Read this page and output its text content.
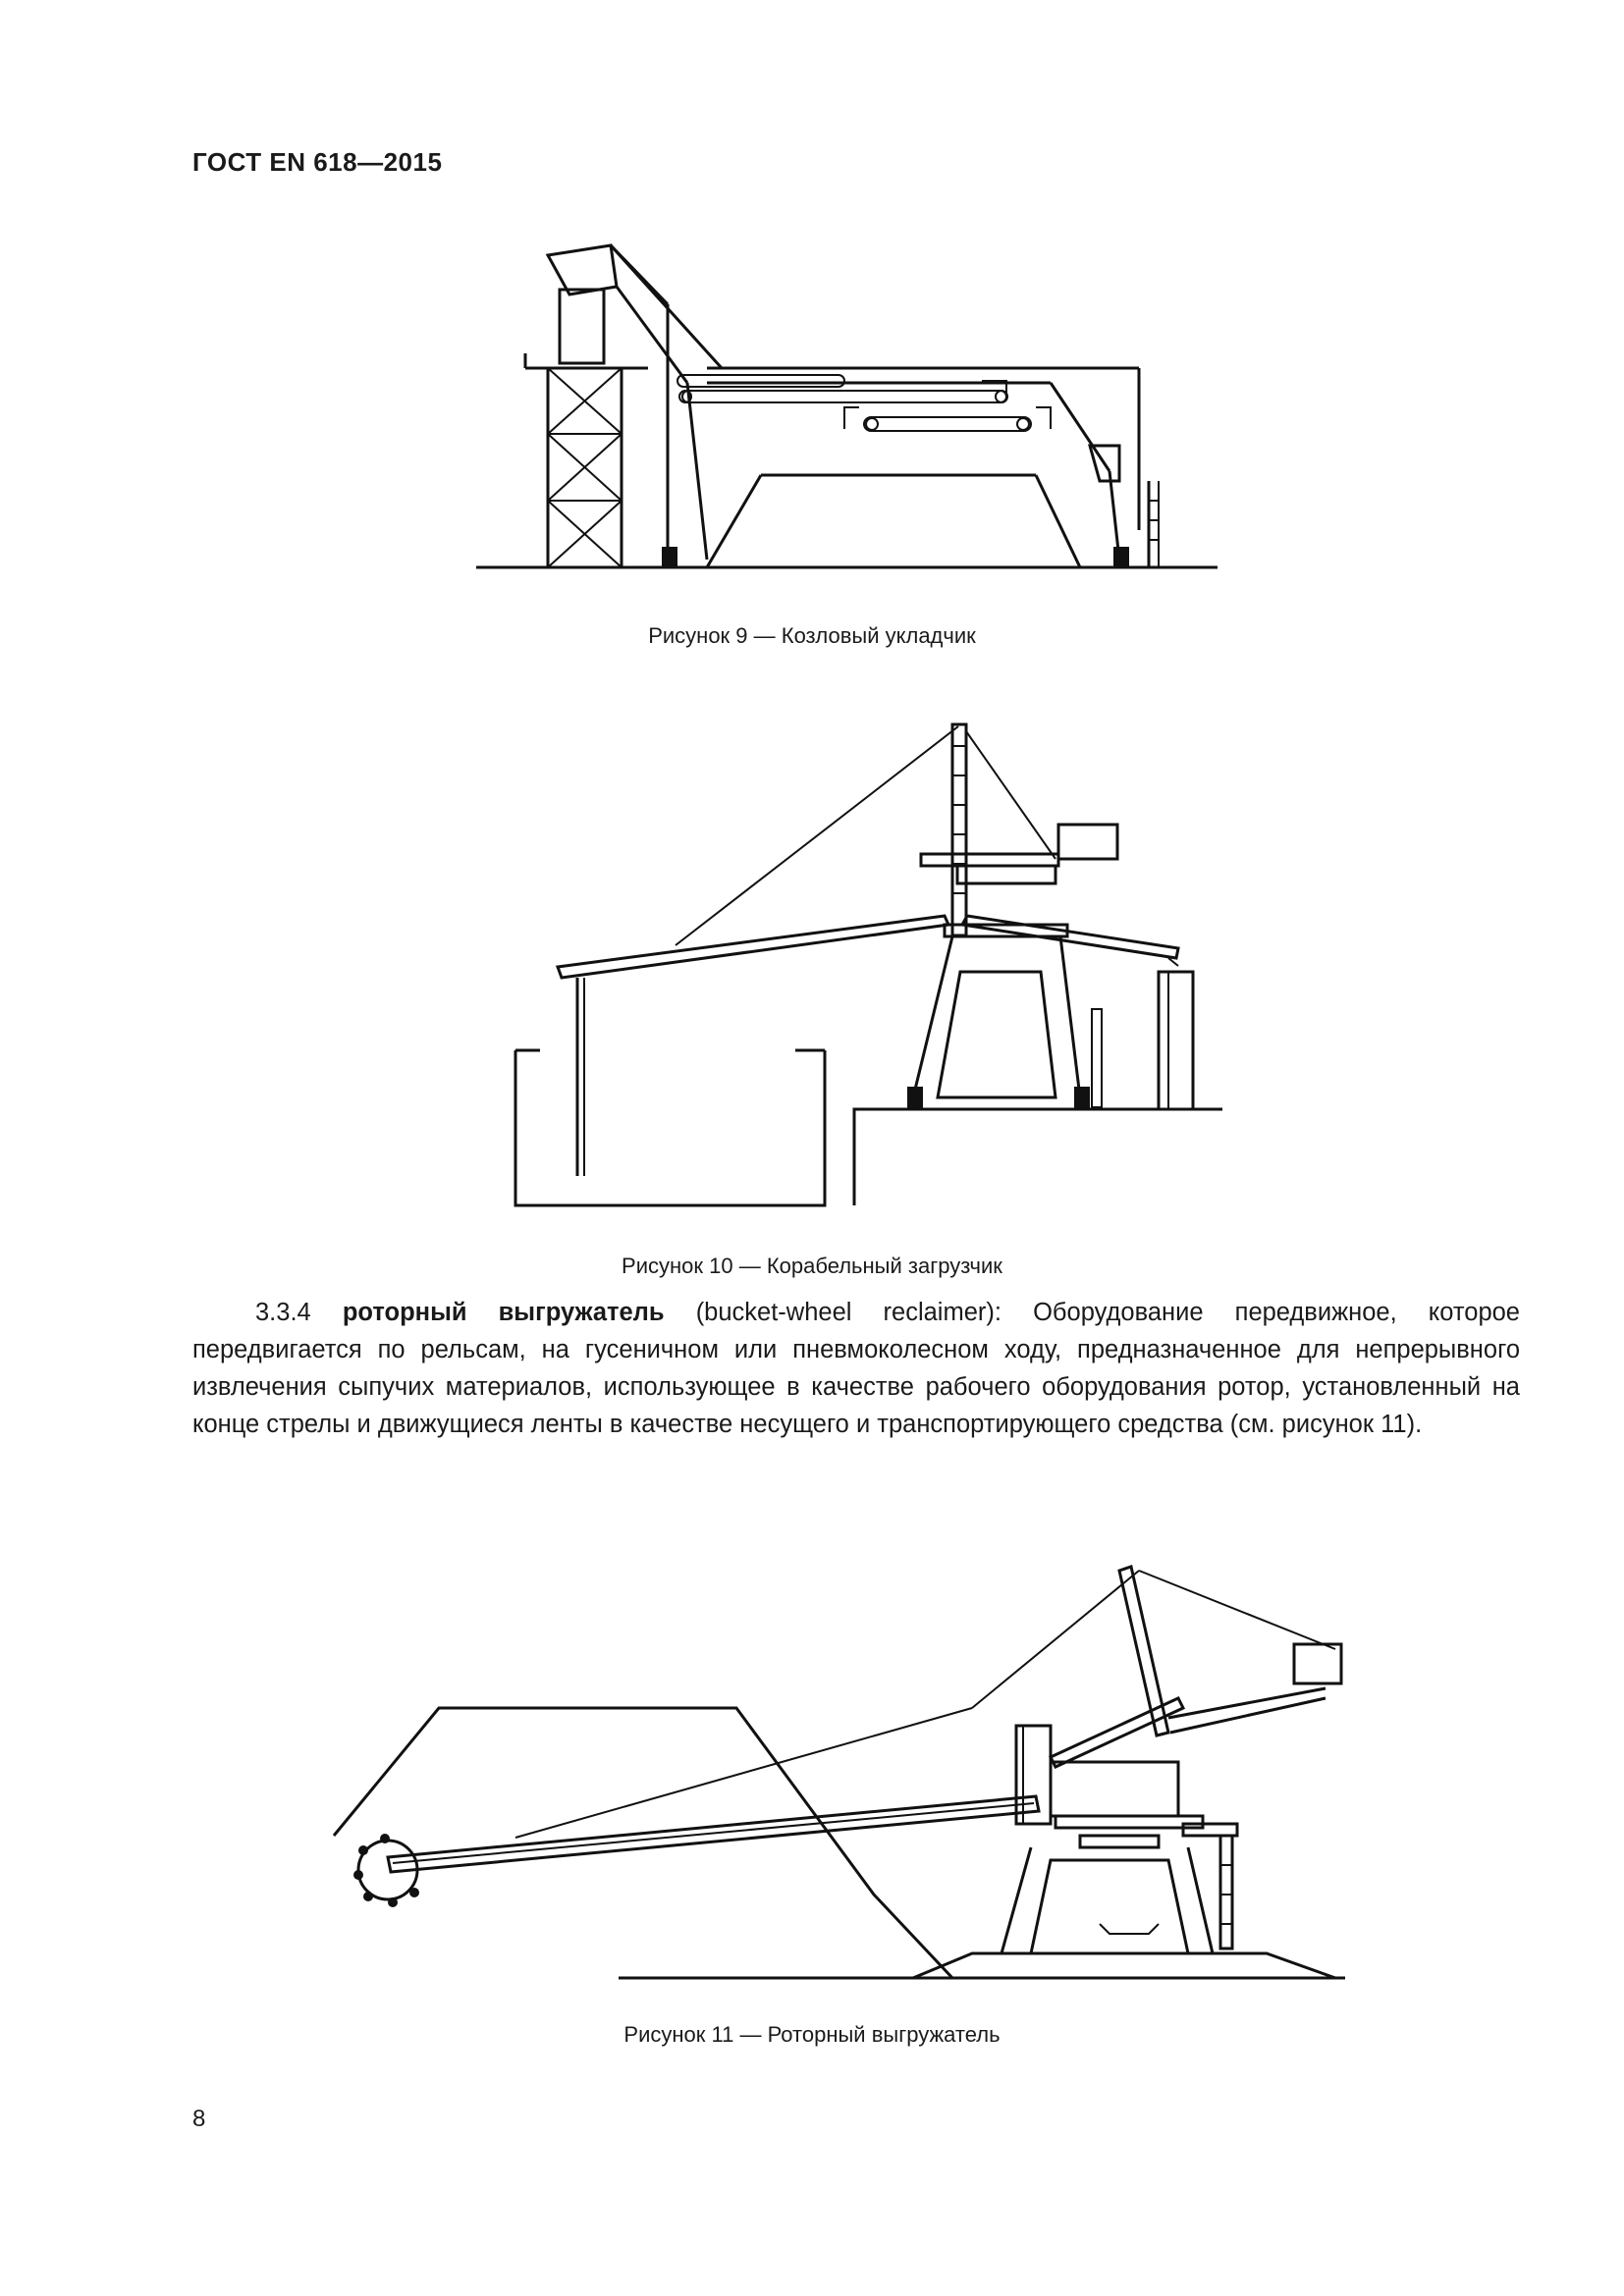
ГОСТ EN 618—2015
Рисунок 9 — Козловый укладчик
Рисунок 10 — Корабельный загрузчик
3.3.4 роторный выгружатель (bucket-wheel reclaimer): Оборудование передвижное, которое передвигается по рельсам, на гусеничном или пневмоколесном ходу, предназначенное для непрерывного извлечения сыпучих материалов, использующее в качестве рабочего оборудования ротор, установленный на конце стрелы и движущиеся ленты в качестве несущего и транспортирующего средства (см. рисунок 11).
Рисунок 11 — Роторный выгружатель
8
